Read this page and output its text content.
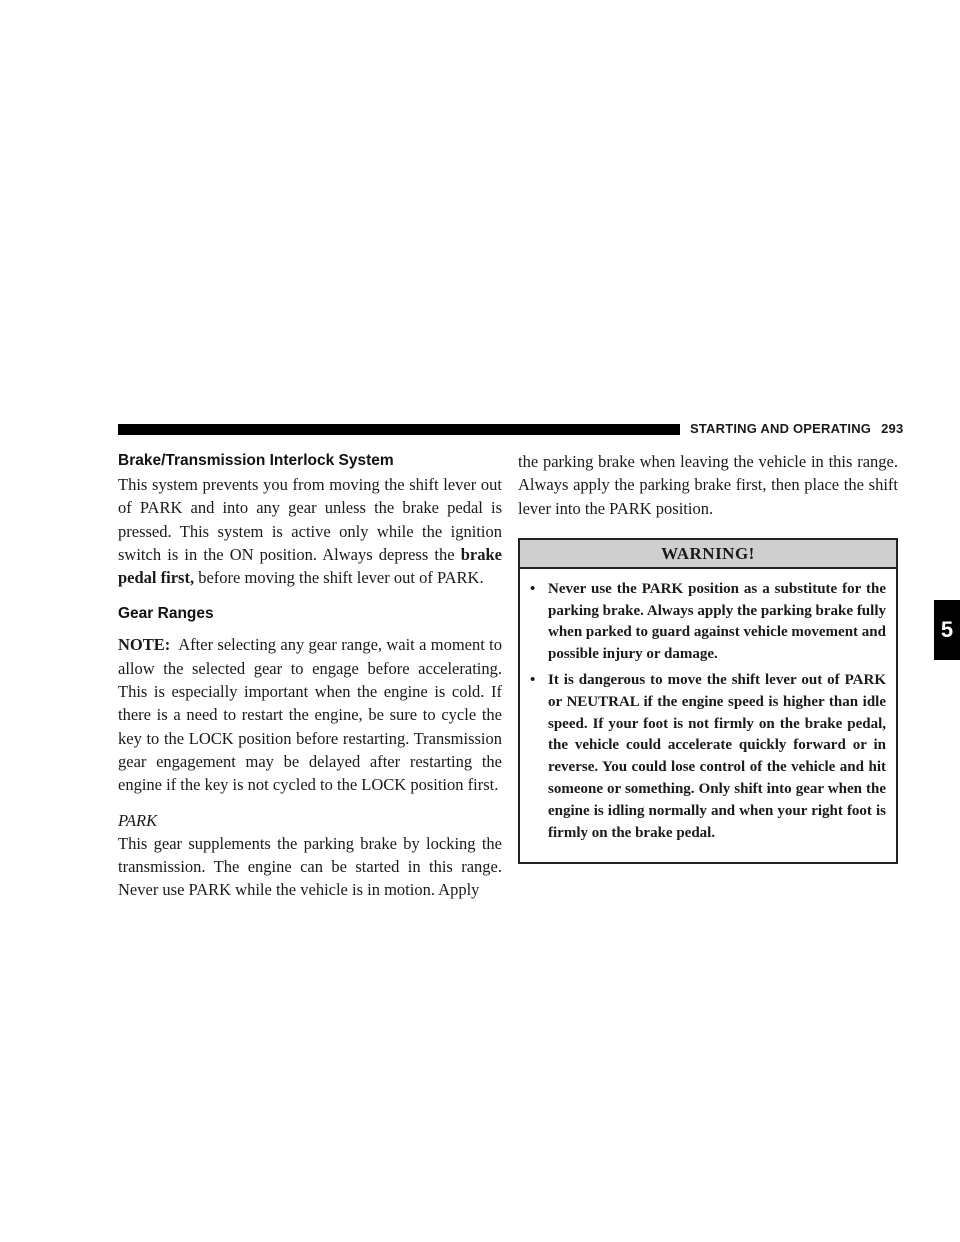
STARTING AND OPERATING 293
5
Brake/Transmission Interlock System

This system prevents you from moving the shift lever out of PARK and into any gear unless the brake pedal is pressed. This system is active only while the ignition switch is in the ON position. Always depress the brake pedal first, before moving the shift lever out of PARK.

Gear Ranges

NOTE: After selecting any gear range, wait a moment to allow the selected gear to engage before accelerating. This is especially important when the engine is cold. If there is a need to restart the engine, be sure to cycle the key to the LOCK position before restarting. Transmission gear engagement may be delayed after restarting the engine if the key is not cycled to the LOCK position first.

PARK

This gear supplements the parking brake by locking the transmission. The engine can be started in this range. Never use PARK while the vehicle is in motion. Apply

the parking brake when leaving the vehicle in this range. Always apply the parking brake first, then place the shift lever into the PARK position.

WARNING!
• Never use the PARK position as a substitute for the parking brake. Always apply the parking brake fully when parked to guard against vehicle movement and possible injury or damage.
• It is dangerous to move the shift lever out of PARK or NEUTRAL if the engine speed is higher than idle speed. If your foot is not firmly on the brake pedal, the vehicle could accelerate quickly forward or in reverse. You could lose control of the vehicle and hit someone or something. Only shift into gear when the engine is idling normally and when your right foot is firmly on the brake pedal.
